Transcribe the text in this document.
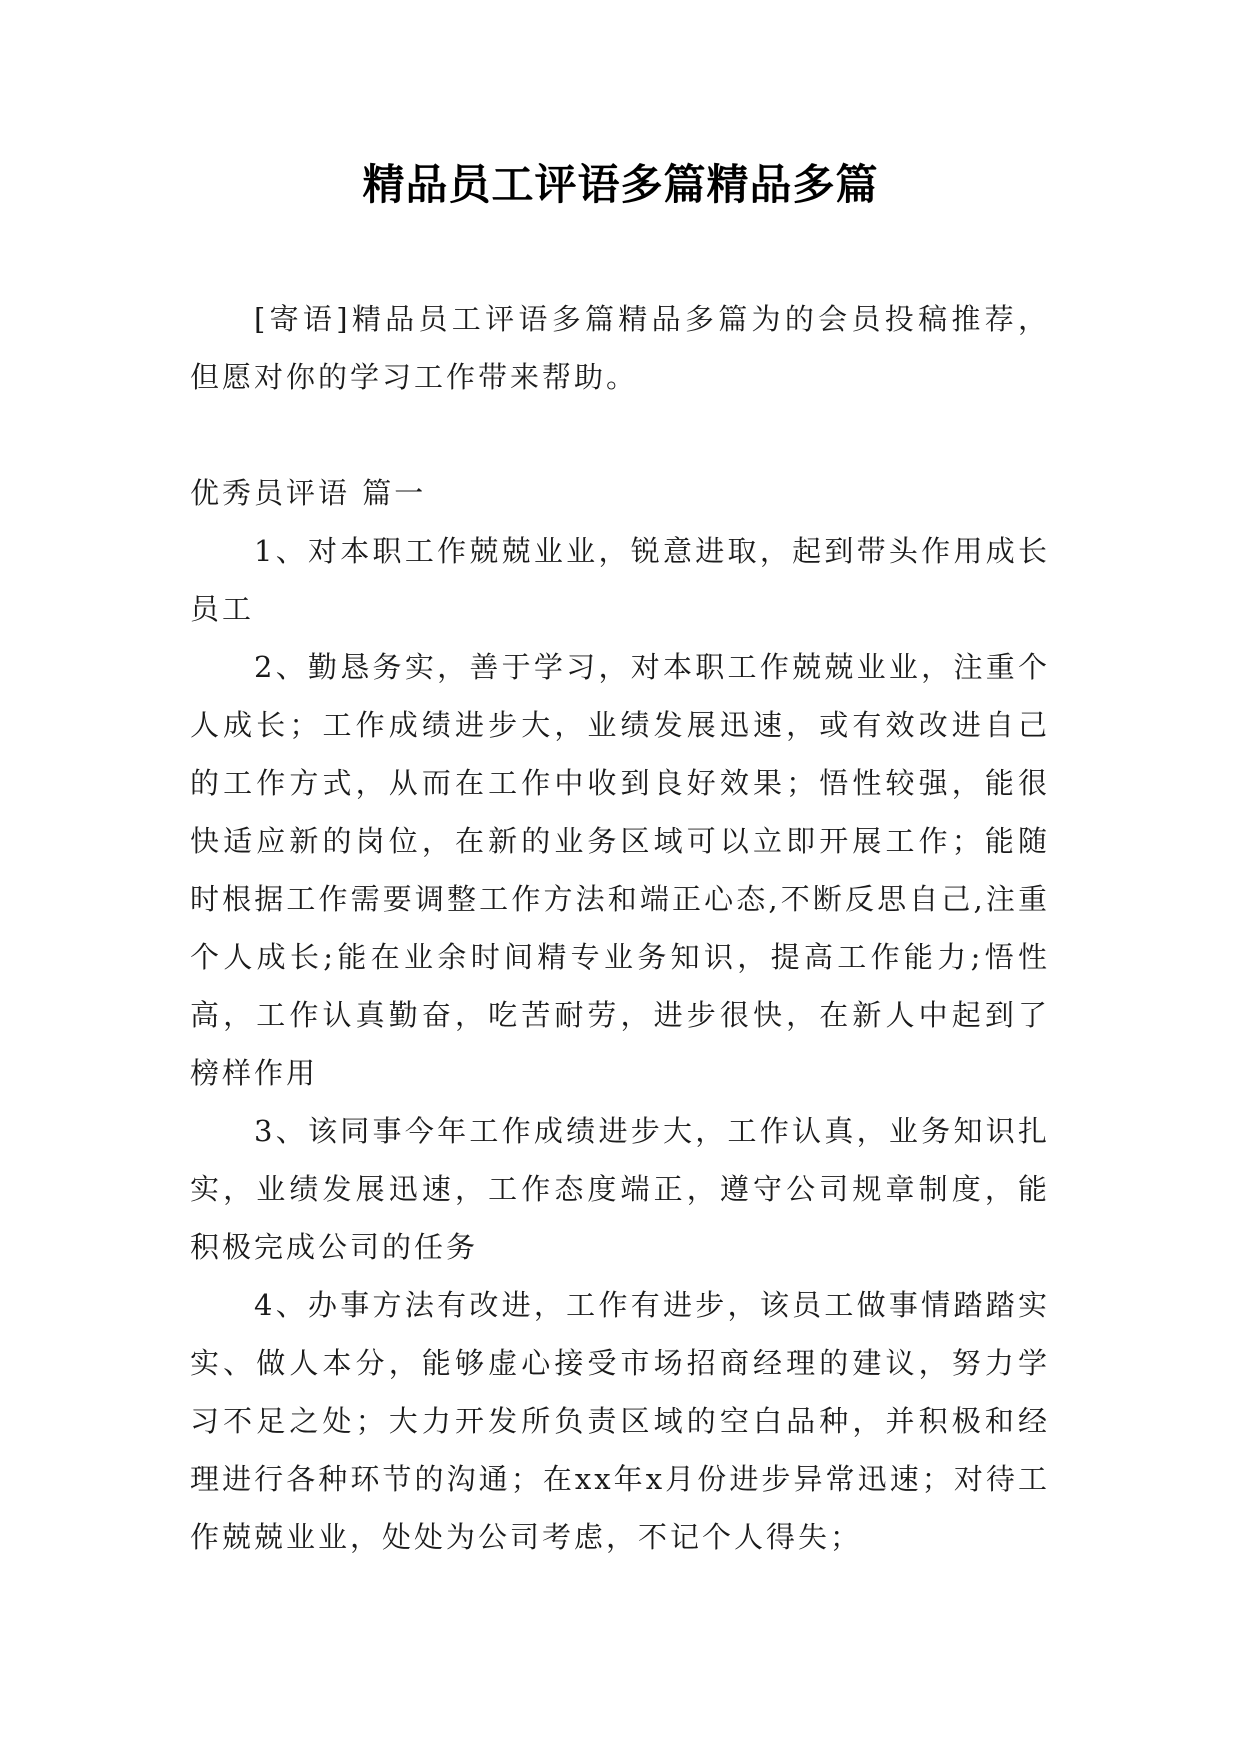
精品员工评语多篇精品多篇

[寄语]精品员工评语多篇精品多篇为的会员投稿推荐，但愿对你的学习工作带来帮助。

优秀员评语 篇一

1、对本职工作兢兢业业，锐意进取，起到带头作用成长员工

2、勤恳务实，善于学习，对本职工作兢兢业业，注重个人成长；工作成绩进步大，业绩发展迅速，或有效改进自己的工作方式，从而在工作中收到良好效果；悟性较强，能很快适应新的岗位，在新的业务区域可以立即开展工作；能随时根据工作需要调整工作方法和端正心态,不断反思自己,注重个人成长;能在业余时间精专业务知识，提高工作能力;悟性高，工作认真勤奋，吃苦耐劳，进步很快，在新人中起到了榜样作用

3、该同事今年工作成绩进步大，工作认真，业务知识扎实，业绩发展迅速，工作态度端正，遵守公司规章制度，能积极完成公司的任务

4、办事方法有改进，工作有进步，该员工做事情踏踏实实、做人本分，能够虚心接受市场招商经理的建议，努力学习不足之处；大力开发所负责区域的空白品种，并积极和经理进行各种环节的沟通；在xx年x月份进步异常迅速；对待工作兢兢业业，处处为公司考虑，不记个人得失；
